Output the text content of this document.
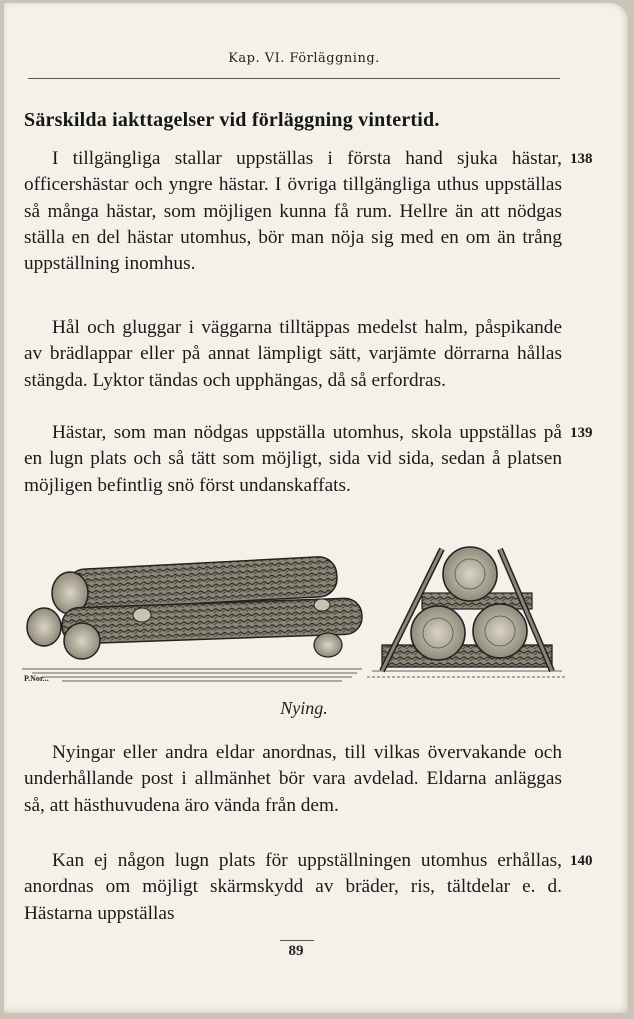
Kap. VI. Förläggning.
Särskilda iakttagelser vid förläggning vintertid.

I tillgängliga stallar uppställas i första hand sjuka hästar, officershästar och yngre hästar. I övriga tillgängliga uthus uppställas så många hästar, som möjligen kunna få rum. Hellre än att nödgas ställa en del hästar utomhus, bör man nöja sig med en om än trång uppställning inomhus.

138

Hål och gluggar i väggarna tilltäppas medelst halm, påspikande av brädlappar eller på annat lämpligt sätt, varjämte dörrarna hållas stängda. Lyktor tändas och upphängas, då så erfordras.

Hästar, som man nödgas uppställa utomhus, skola uppställas på en lugn plats och så tätt som möjligt, sida vid sida, sedan å platsen möjligen befintlig snö först undanskaffats.

139
P.Nor...
Nying.

Nyingar eller andra eldar anordnas, till vilkas övervakande och underhållande post i allmänhet bör vara avdelad. Eldarna anläggas så, att hästhuvudena äro vända från dem.

Kan ej någon lugn plats för uppställningen utomhus erhållas, anordnas om möjligt skärmskydd av bräder, ris, tältdelar e. d. Hästarna uppställas

140
89
